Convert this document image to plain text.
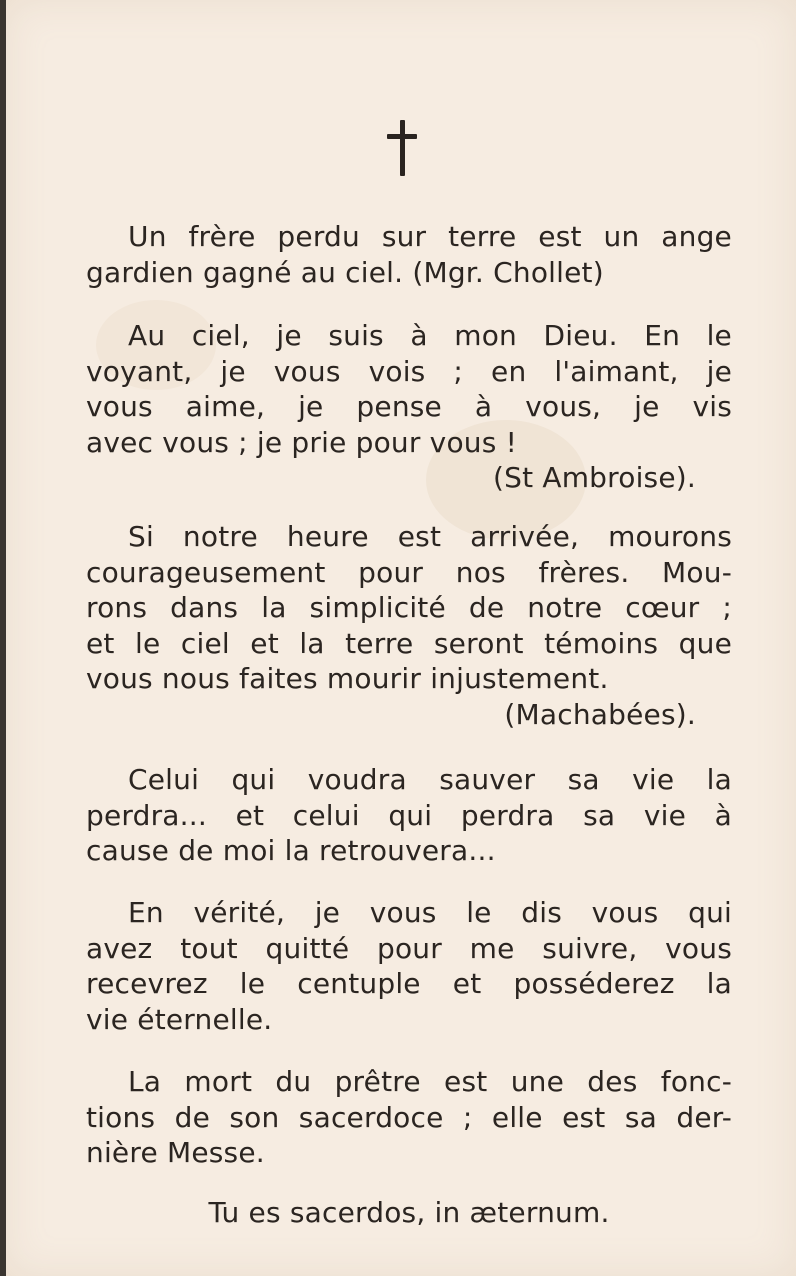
Un frère perdu sur terre est un ange
gardien gagné au ciel. (Mgr. Chollet)
Au ciel, je suis à mon Dieu. En le
voyant, je vous vois ; en l'aimant, je
vous aime, je pense à vous, je vis
avec vous ; je prie pour vous !
(St Ambroise).
Si notre heure est arrivée, mourons
courageusement pour nos frères. Mou-
rons dans la simplicité de notre cœur ;
et le ciel et la terre seront témoins que
vous nous faites mourir injustement.
(Machabées).
Celui qui voudra sauver sa vie la
perdra... et celui qui perdra sa vie à
cause de moi la retrouvera...
En vérité, je vous le dis vous qui
avez tout quitté pour me suivre, vous
recevrez le centuple et posséderez la
vie éternelle.
La mort du prêtre est une des fonc-
tions de son sacerdoce ; elle est sa der-
nière Messe.
Tu es sacerdos, in æternum.
